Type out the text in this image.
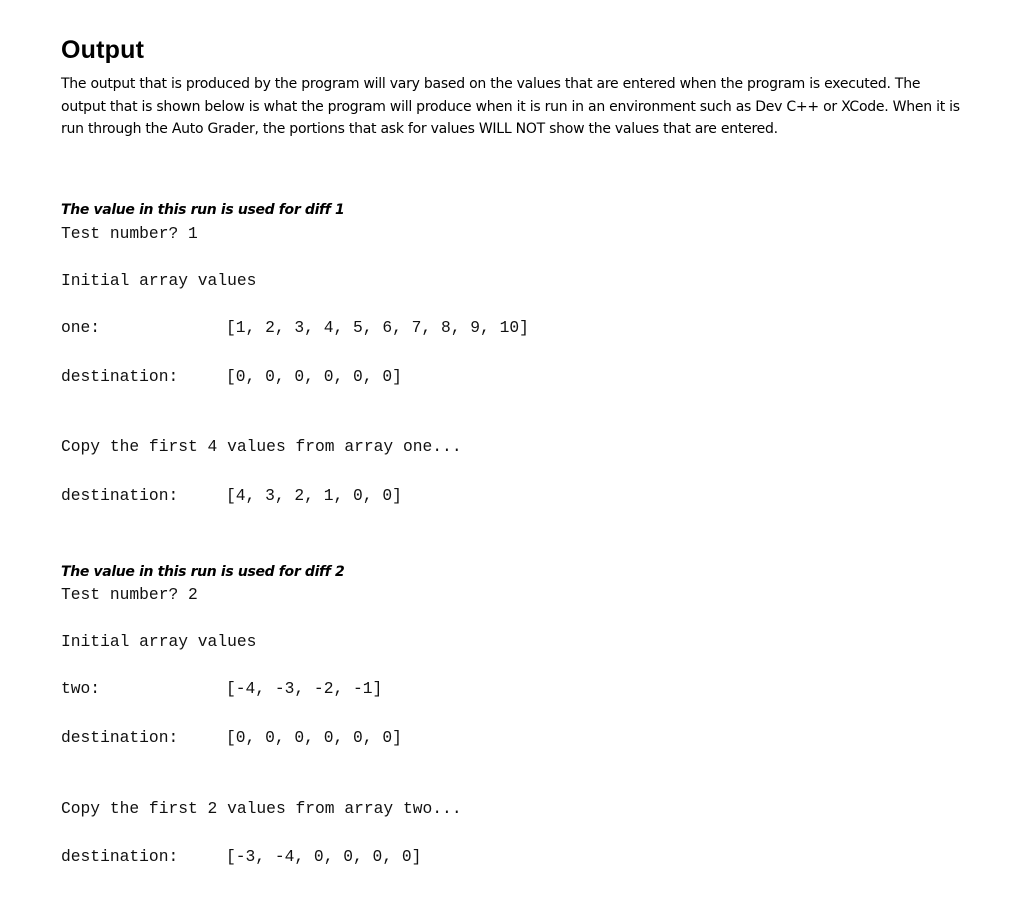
Output

The output that is produced by the program will vary based on the values that are entered when the program is executed. The output that is shown below is what the program will produce when it is run in an environment such as Dev C++ or XCode. When it is run through the Auto Grader, the portions that ask for values WILL NOT show the values that are entered.

The value in this run is used for diff 1

Test number? 1
Initial array values
one:	[1, 2, 3, 4, 5, 6, 7, 8, 9, 10]
destination:	[0, 0, 0, 0, 0, 0]
Copy the first 4 values from array one...
destination:	[4, 3, 2, 1, 0, 0]

The value in this run is used for diff 2

Test number? 2
Initial array values
two:	[-4, -3, -2, -1]
destination:	[0, 0, 0, 0, 0, 0]
Copy the first 2 values from array two...
destination:	[-3, -4, 0, 0, 0, 0]
